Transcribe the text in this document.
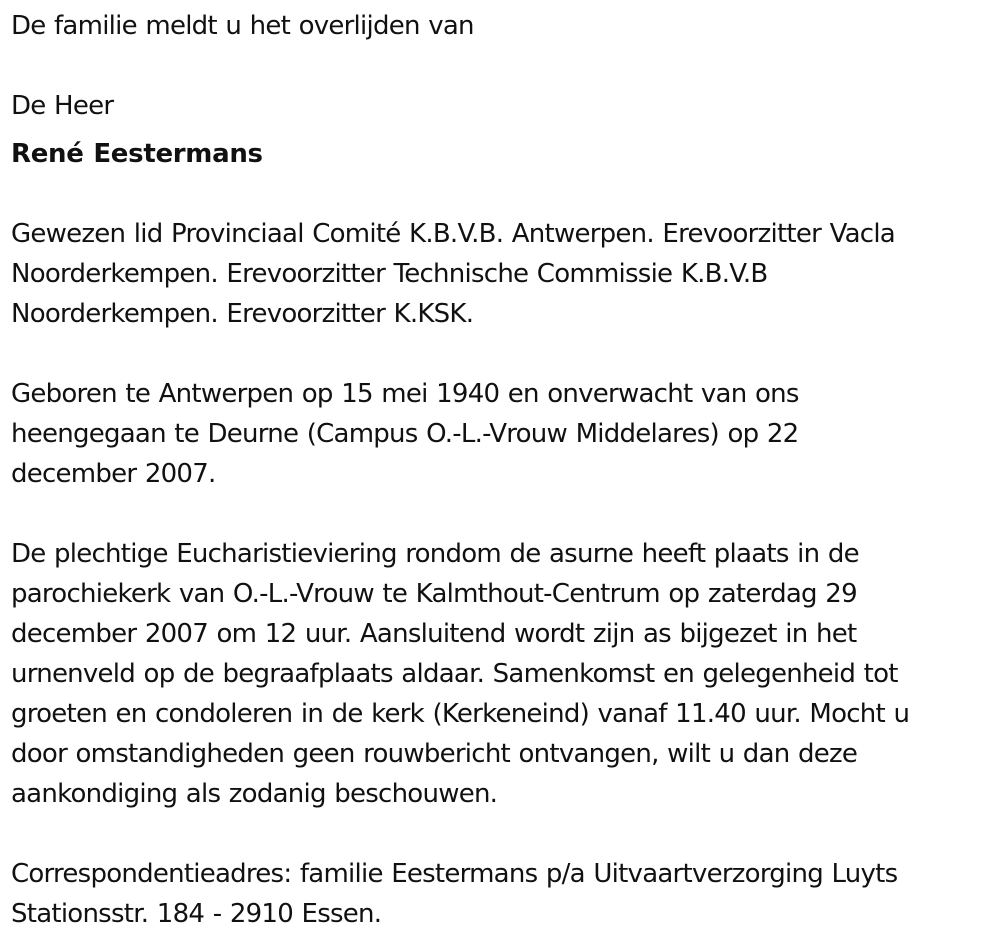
De familie meldt u het overlijden van

De Heer

René Eestermans

Gewezen lid Provinciaal Comité K.B.V.B. Antwerpen. Erevoorzitter Vacla

Noorderkempen. Erevoorzitter Technische Commissie K.B.V.B

Noorderkempen. Erevoorzitter K.KSK.

Geboren te Antwerpen op 15 mei 1940 en onverwacht van ons

heengegaan te Deurne (Campus O.-L.-Vrouw Middelares) op 22

december 2007.

De plechtige Eucharistieviering rondom de asurne heeft plaats in de

parochiekerk van O.-L.-Vrouw te Kalmthout-Centrum op zaterdag 29

december 2007 om 12 uur. Aansluitend wordt zijn as bijgezet in het

urnenveld op de begraafplaats aldaar. Samenkomst en gelegenheid tot

groeten en condoleren in de kerk (Kerkeneind) vanaf 11.40 uur. Mocht u

door omstandigheden geen rouwbericht ontvangen, wilt u dan deze

aankondiging als zodanig beschouwen.

Correspondentieadres: familie Eestermans p/a Uitvaartverzorging Luyts

Stationsstr. 184 - 2910 Essen.
